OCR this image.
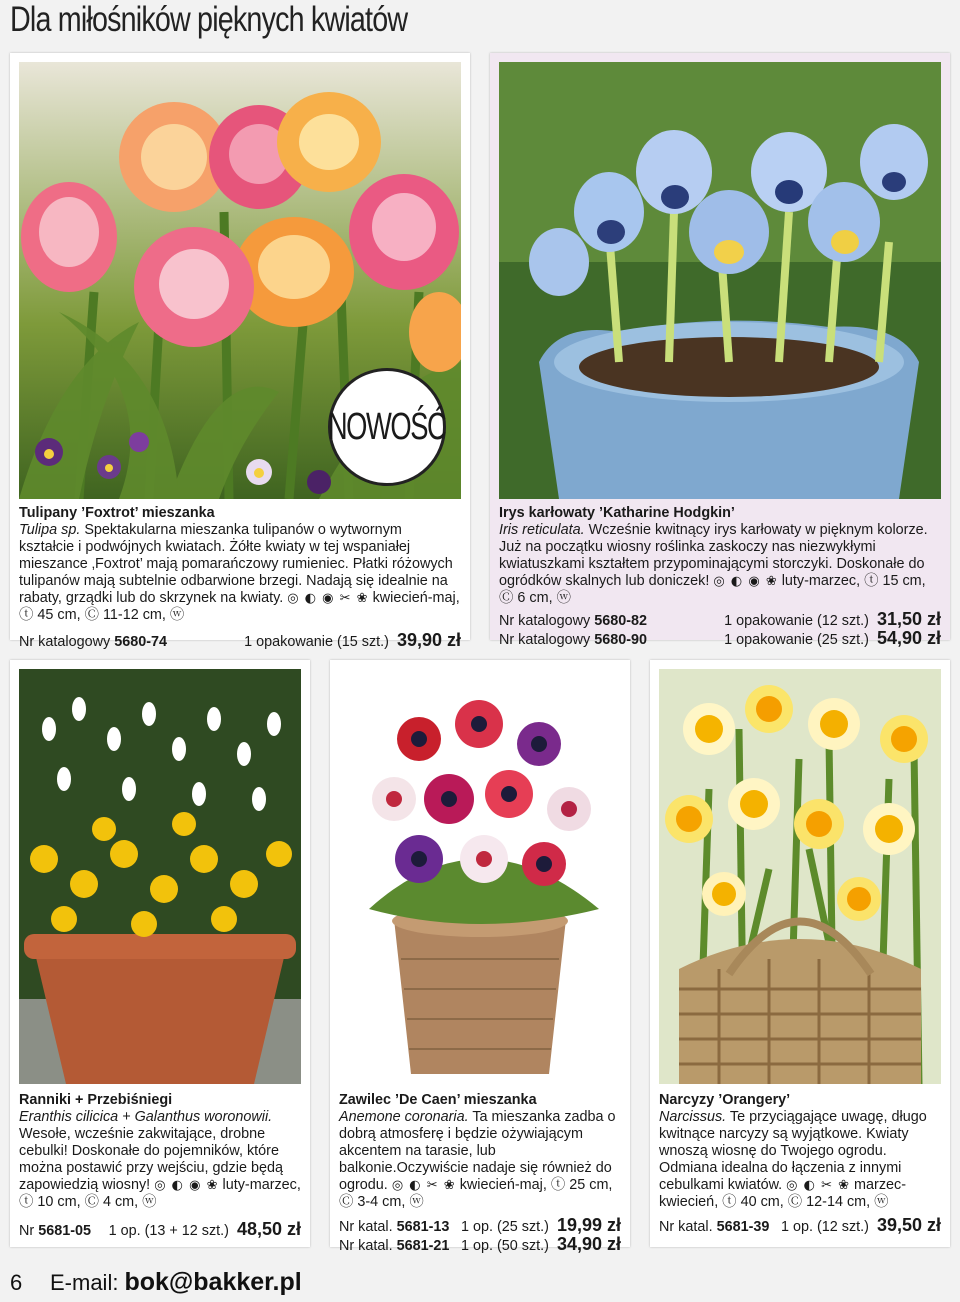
Dla miłośników pięknych kwiatów
Tulipany ’Foxtrot’ mieszanka
Tulipa sp. Spektakularna mieszanka tulipanów o wytwornym kształcie i podwójnych kwiatach. Żółte kwiaty w tej wspaniałej mieszance ‚Foxtrot’ mają pomarańczowy rumieniec. Płatki różowych tulipanów mają subtelnie odbarwione brzegi. Nadają się idealnie na rabaty, grządki lub do skrzynek na kwiaty. ◎ ◐ ◉ ✂ ❀ kwiecień-maj, ⓣ 45 cm, Ⓒ 11-12 cm, ⓦ
Nr katalogowy 5680-74	1 opakowanie (15 szt.) 39,90 zł
NOWOŚĆ
Irys karłowaty ’Katharine Hodgkin’
Iris reticulata. Wcześnie kwitnący irys karłowaty w pięknym kolorze. Już na początku wiosny roślinka zaskoczy nas niezwykłymi kwiatuszkami kształtem przypominającymi storczyki. Doskonałe do ogródków skalnych lub doniczek! ◎ ◐ ◉ ❀ luty-marzec, ⓣ 15 cm, Ⓒ 6 cm, ⓦ
Nr katalogowy 5680-82	1 opakowanie (12 szt.) 31,50 zł
Nr katalogowy 5680-90	1 opakowanie (25 szt.) 54,90 zł
Ranniki + Przebiśniegi
Eranthis cilicica + Galanthus woronowii.
Wesołe, wcześnie zakwitające, drobne cebulki! Doskonałe do pojemników, które można postawić przy wejściu, gdzie będą zapowiedzią wiosny! ◎ ◐ ◉ ❀ luty-marzec, ⓣ 10 cm, Ⓒ 4 cm, ⓦ
Nr 5681-05 1 op. (13 + 12 szt.) 48,50 zł
Zawilec ’De Caen’ mieszanka
Anemone coronaria. Ta mieszanka zadba o dobrą atmosferę i będzie ożywiającym akcentem na tarasie, lub balkonie.Oczywiście nadaje się również do ogrodu. ◎ ◐ ✂ ❀ kwiecień-maj, ⓣ 25 cm, Ⓒ 3-4 cm, ⓦ
Nr katal. 5681-13 1 op. (25 szt.) 19,99 zł
Nr katal. 5681-21 1 op. (50 szt.) 34,90 zł
Narcyzy ’Orangery’
Narcissus. Te przyciągające uwagę, długo kwitnące narcyzy są wyjątkowe. Kwiaty wnoszą wiosnę do Twojego ogrodu. Odmiana idealna do łączenia z innymi cebulkami kwiatów. ◎ ◐ ✂ ❀ marzec-kwiecień, ⓣ 40 cm, Ⓒ 12-14 cm, ⓦ
Nr katal. 5681-39 1 op. (12 szt.) 39,50 zł
6	E-mail: bok@bakker.pl
